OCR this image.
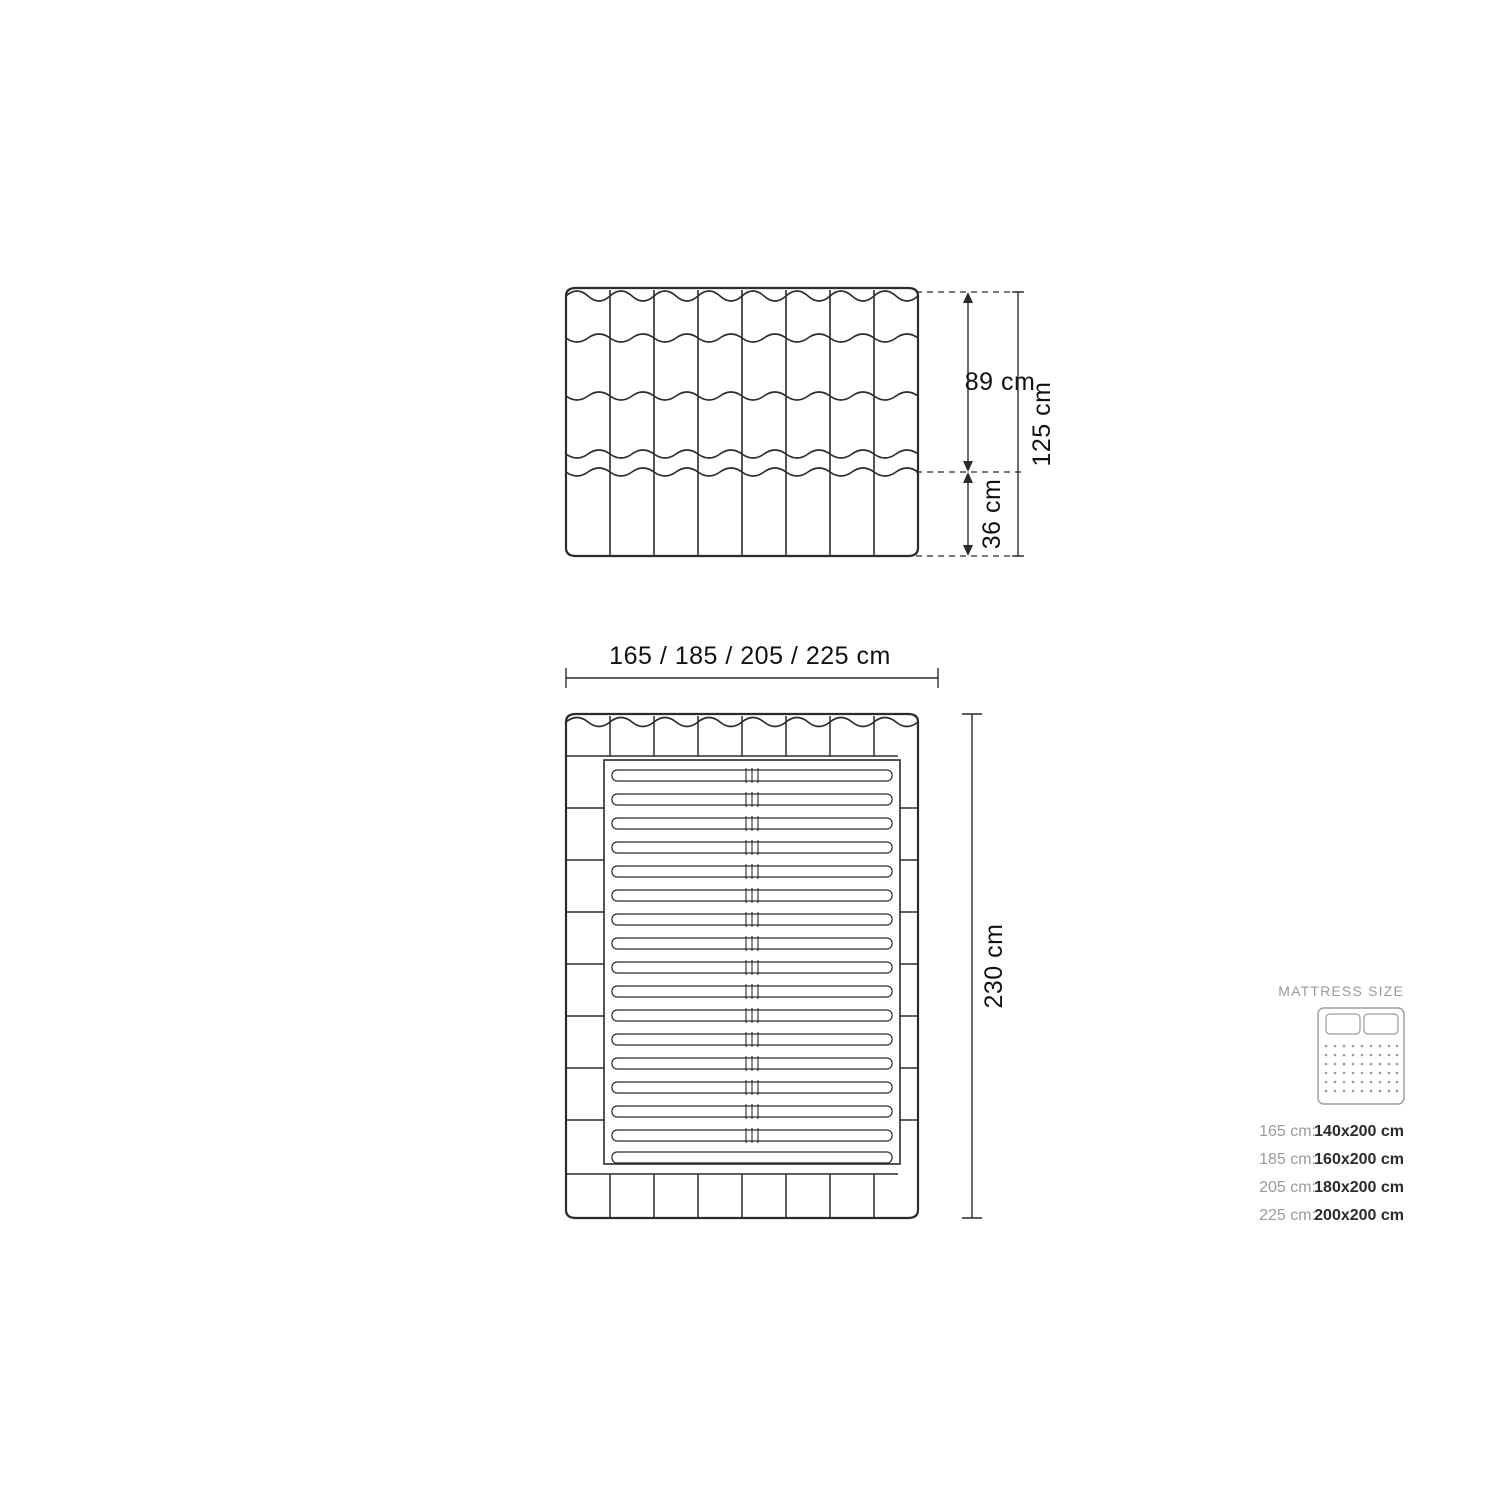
89 cm
36 cm
125 cm
165 / 185 / 205 / 225 cm
230 cm	MATTRESS SIZE
165 cm:
140x200 cm
185 cm:
160x200 cm
205 cm:
180x200 cm
225 cm:
200x200 cm
